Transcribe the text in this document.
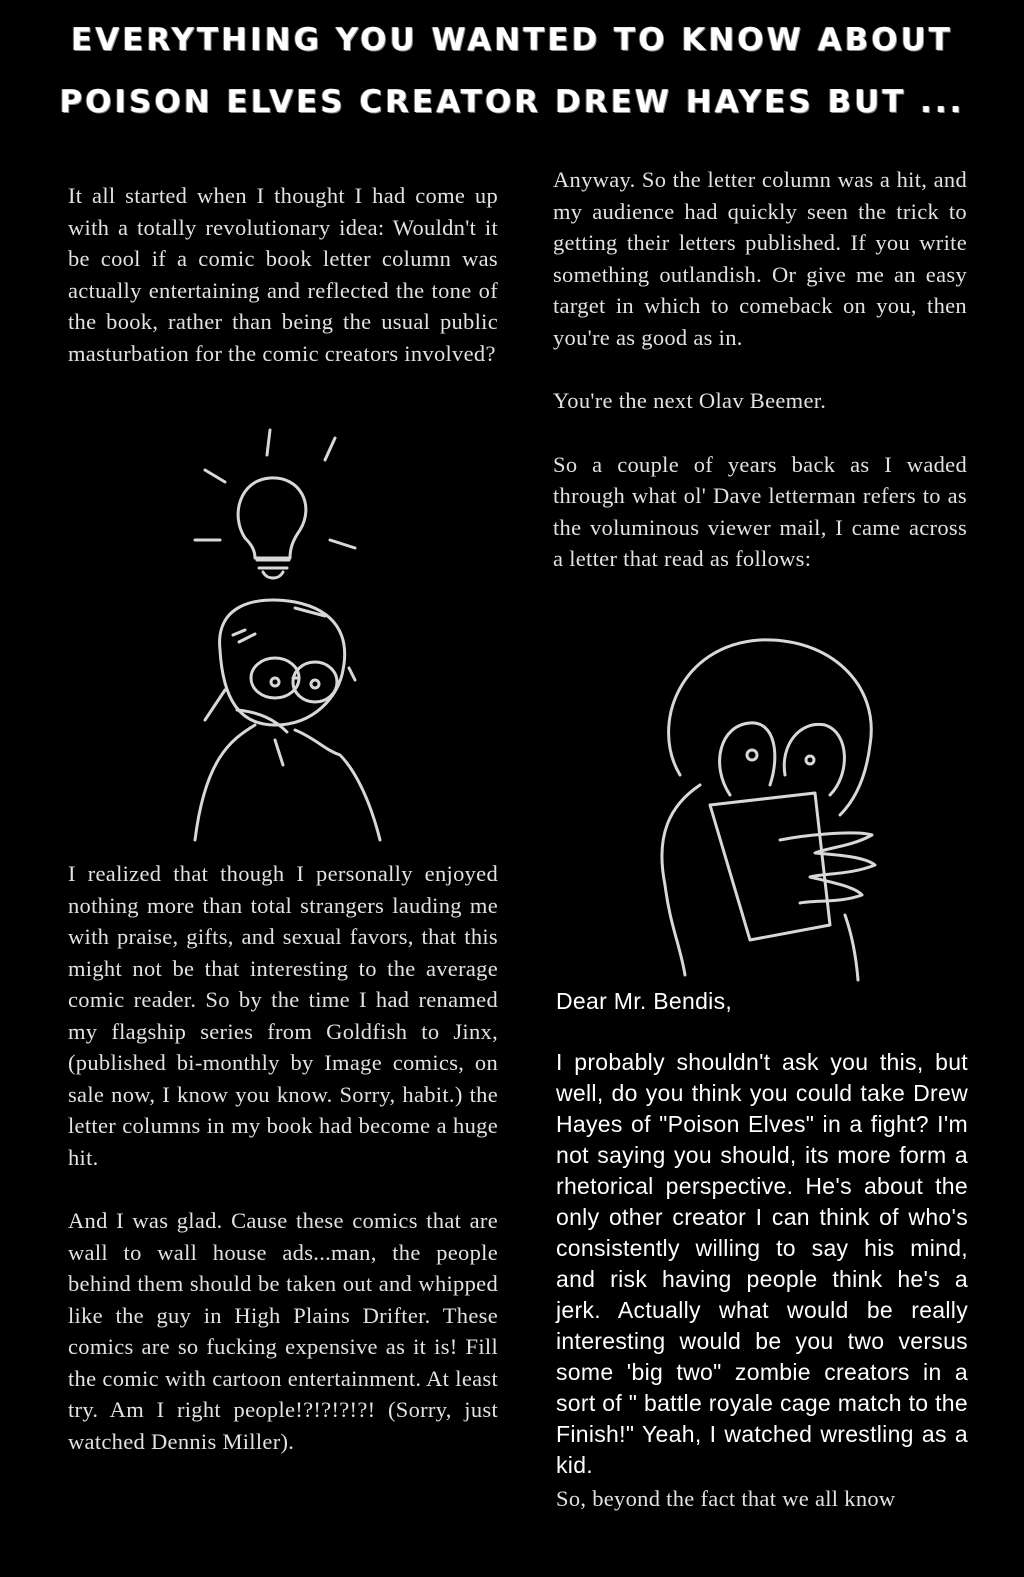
EVERYTHING YOU WANTED TO KNOW ABOUT
POISON ELVES CREATOR DREW HAYES BUT ...

It all started when I thought I had come up with a totally revolutionary idea: Wouldn't it be cool if a comic book letter column was actually entertaining and reflected the tone of the book, rather than being the usual public masturbation for the comic creators involved?

I realized that though I personally enjoyed nothing more than total strangers lauding me with praise, gifts, and sexual favors, that this might not be that interesting to the average comic reader. So by the time I had renamed my flagship series from Goldfish to Jinx, (published bi-monthly by Image comics, on sale now, I know you know. Sorry, habit.) the letter columns in my book had become a huge hit.

And I was glad. Cause these comics that are wall to wall house ads...man, the people behind them should be taken out and whipped like the guy in High Plains Drifter. These comics are so fucking expensive as it is! Fill the comic with cartoon entertainment. At least try. Am I right people!?!?!?!?! (Sorry, just watched Dennis Miller).

Anyway. So the letter column was a hit, and my audience had quickly seen the trick to getting their letters published. If you write something outlandish. Or give me an easy target in which to comeback on you, then you're as good as in.

You're the next Olav Beemer.

So a couple of years back as I waded through what ol' Dave letterman refers to as the voluminous viewer mail, I came across a letter that read as follows:

Dear Mr. Bendis,

I probably shouldn't ask you this, but well, do you think you could take Drew Hayes of "Poison Elves" in a fight? I'm not saying you should, its more form a rhetorical perspective. He's about the only other creator I can think of who's consistently willing to say his mind, and risk having people think he's a jerk. Actually what would be really interesting would be you two versus some 'big two" zombie creators in a sort of " battle royale cage match to the Finish!" Yeah, I watched wrestling as a kid.

So, beyond the fact that we all know
